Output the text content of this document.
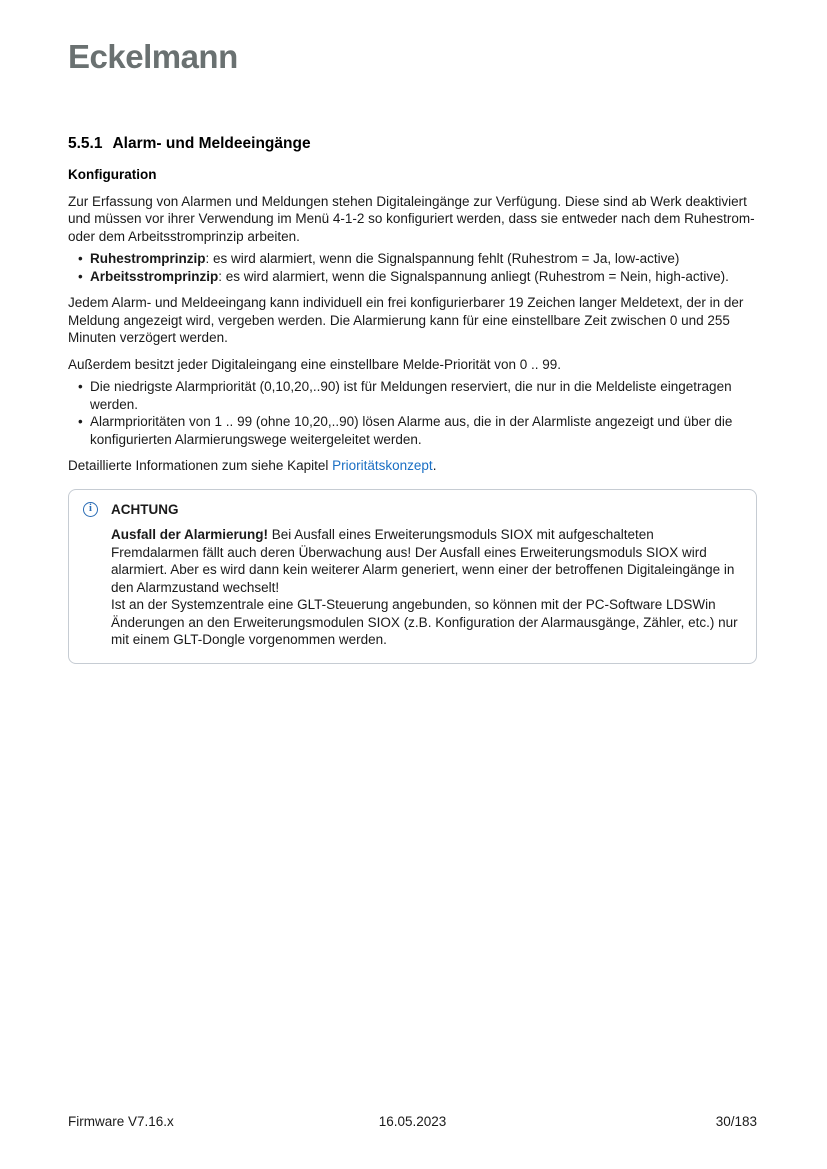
Eckelmann
5.5.1 Alarm- und Meldeeingänge
Konfiguration

Zur Erfassung von Alarmen und Meldungen stehen Digitaleingänge zur Verfügung. Diese sind ab Werk deaktiviert und müssen vor ihrer Verwendung im Menü 4-1-2 so konfiguriert werden, dass sie entweder nach dem Ruhestrom- oder dem Arbeitsstromprinzip arbeiten.

• Ruhestromprinzip: es wird alarmiert, wenn die Signalspannung fehlt (Ruhestrom = Ja, low-active)
• Arbeitsstromprinzip: es wird alarmiert, wenn die Signalspannung anliegt (Ruhestrom = Nein, high-active).

Jedem Alarm- und Meldeeingang kann individuell ein frei konfigurierbarer 19 Zeichen langer Meldetext, der in der Meldung angezeigt wird, vergeben werden. Die Alarmierung kann für eine einstellbare Zeit zwischen 0 und 255 Minuten verzögert werden.

Außerdem besitzt jeder Digitaleingang eine einstellbare Melde-Priorität von 0 .. 99.

• Die niedrigste Alarmpriorität (0,10,20,..90) ist für Meldungen reserviert, die nur in die Meldeliste eingetragen werden.
• Alarmprioritäten von 1 .. 99 (ohne 10,20,..90) lösen Alarme aus, die in der Alarmliste angezeigt und über die konfigurierten Alarmierungswege weitergeleitet werden.

Detaillierte Informationen zum siehe Kapitel Prioritätskonzept.

i	ACHTUNG

Ausfall der Alarmierung! Bei Ausfall eines Erweiterungsmoduls SIOX mit aufgeschalteten Fremdalarmen fällt auch deren Überwachung aus! Der Ausfall eines Erweiterungsmoduls SIOX wird alarmiert. Aber es wird dann kein weiterer Alarm generiert, wenn einer der betroffenen Digitaleingänge in den Alarmzustand wechselt!
Ist an der Systemzentrale eine GLT-Steuerung angebunden, so können mit der PC-Software LDSWin Änderungen an den Erweiterungsmodulen SIOX (z.B. Konfiguration der Alarmausgänge, Zähler, etc.) nur mit einem GLT-Dongle vorgenommen werden.

Firmware V7.16.x	16.05.2023	30/183
